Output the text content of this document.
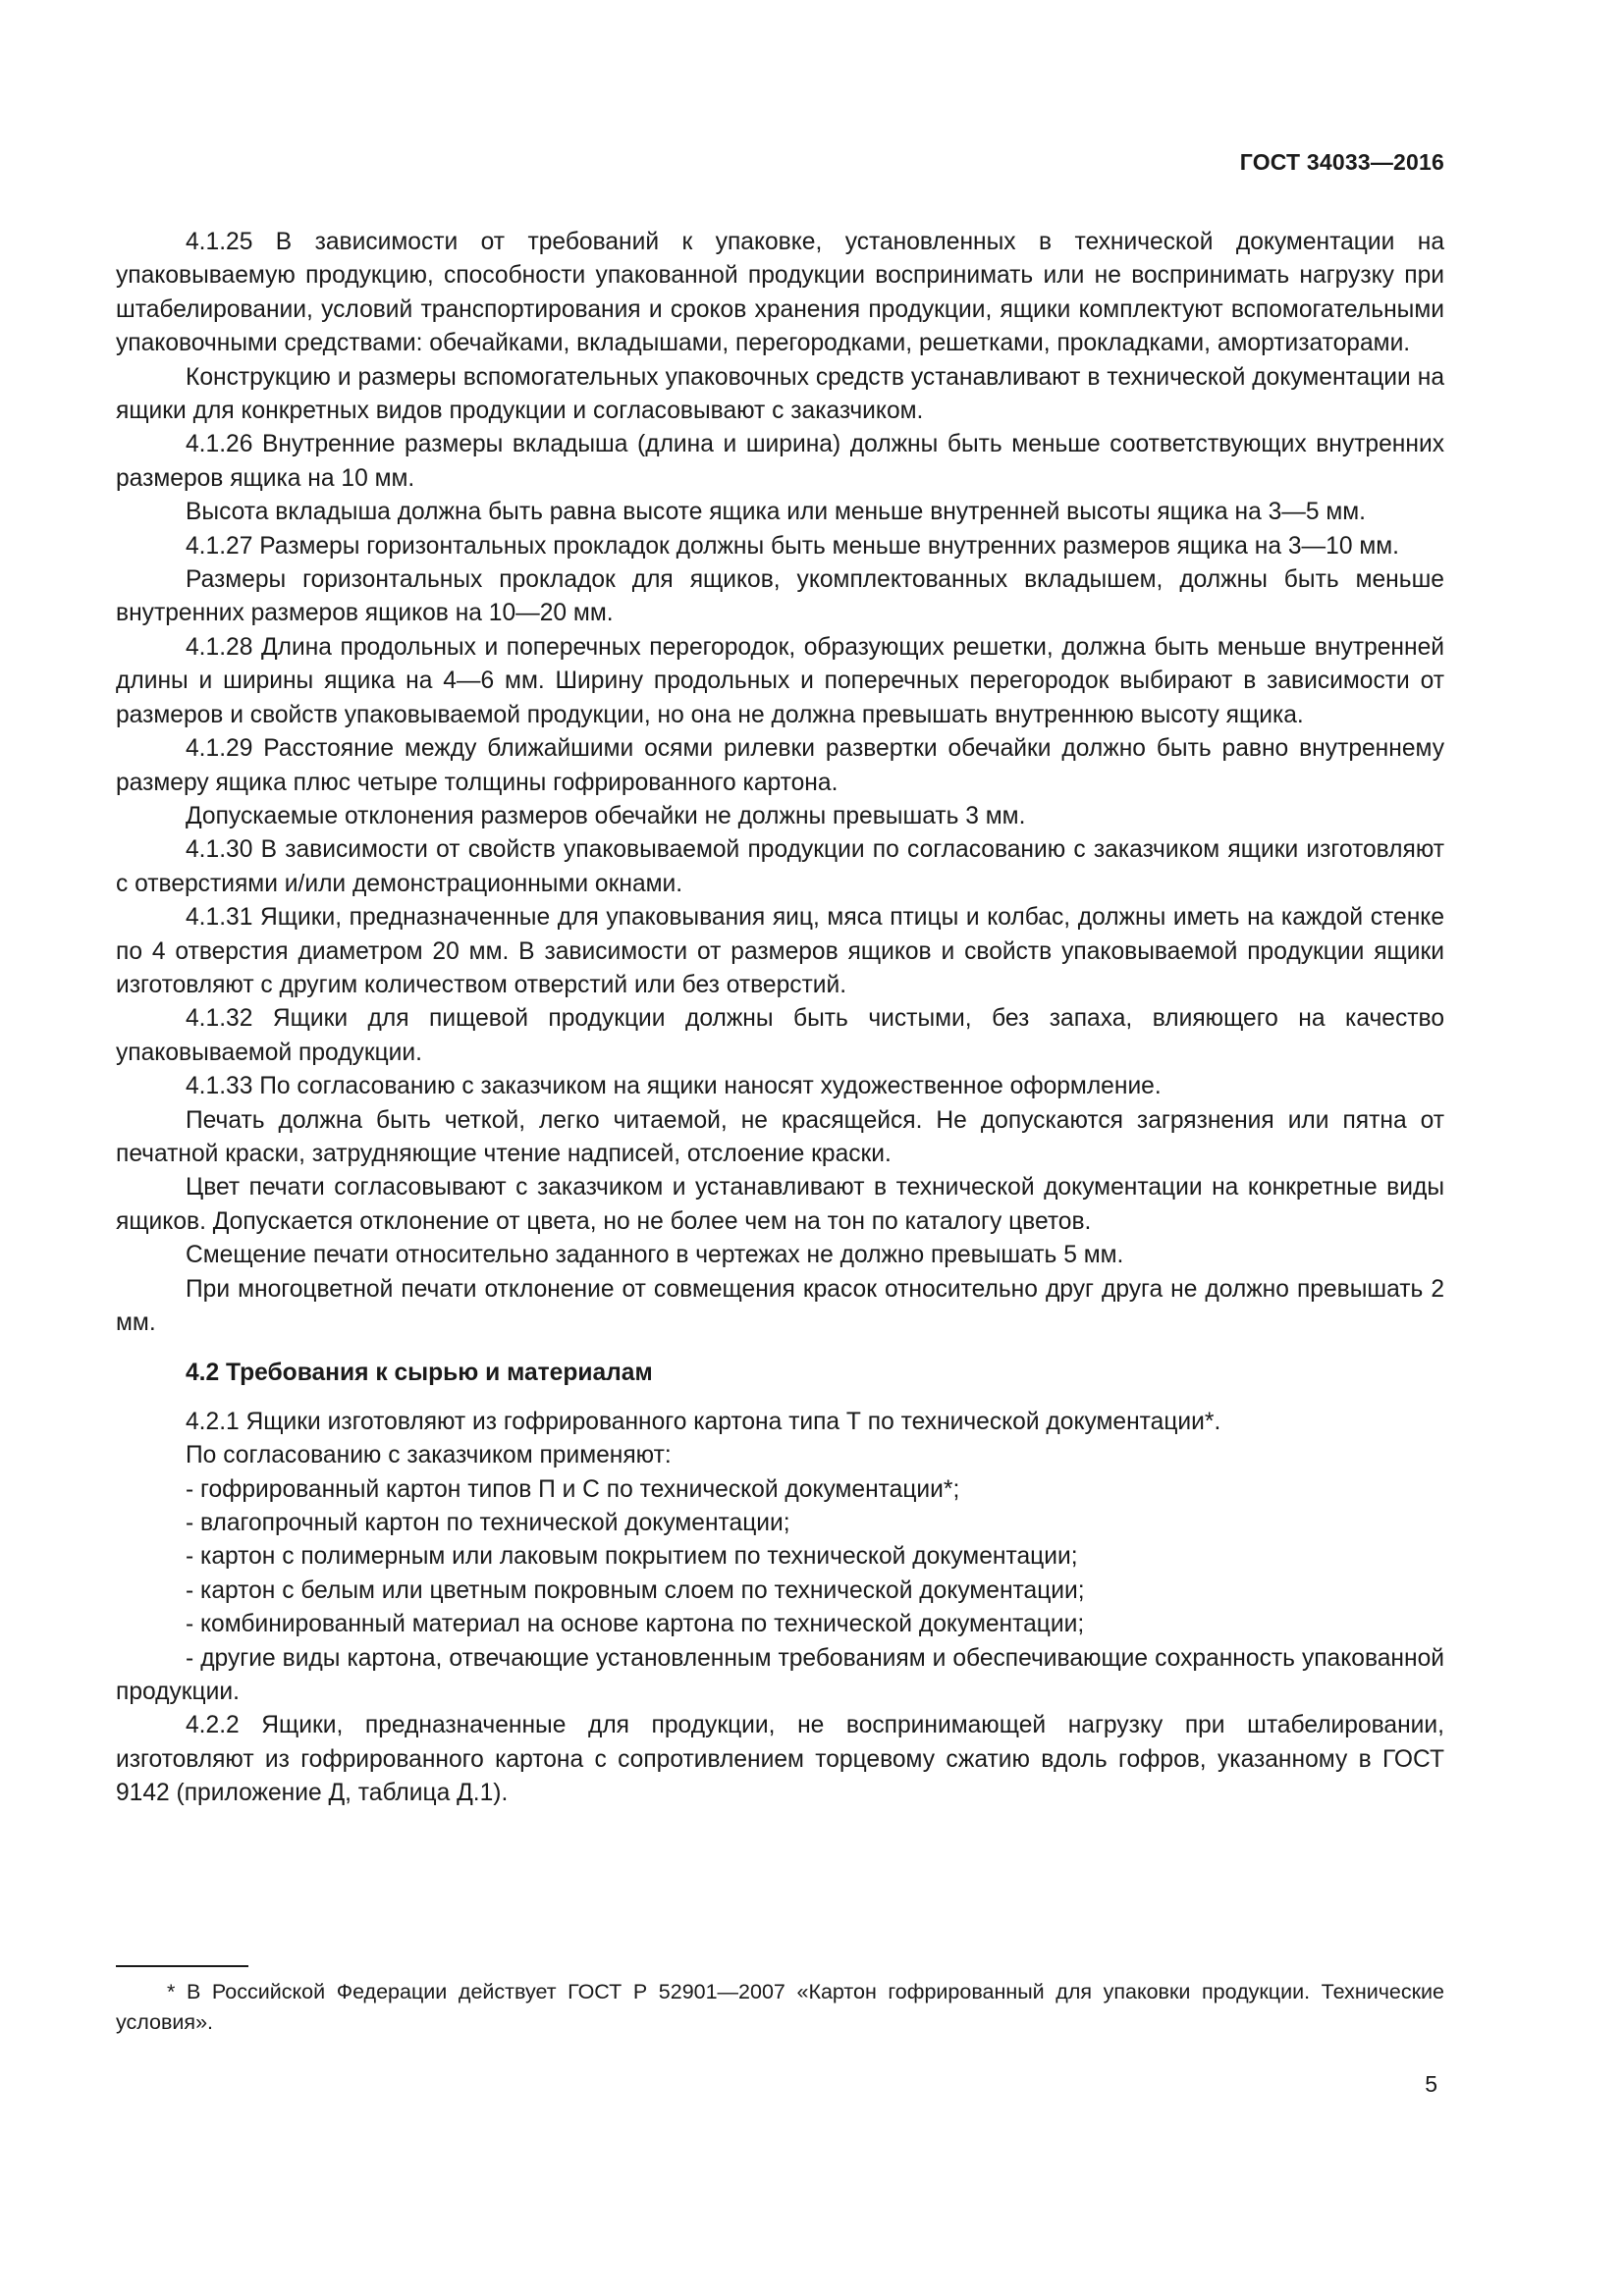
ГОСТ 34033—2016

4.1.25 В зависимости от требований к упаковке, установленных в технической документации на упаковываемую продукцию, способности упакованной продукции воспринимать или не воспринимать нагрузку при штабелировании, условий транспортирования и сроков хранения продукции, ящики комплектуют вспомогательными упаковочными средствами: обечайками, вкладышами, перегородками, решетками, прокладками, амортизаторами.

Конструкцию и размеры вспомогательных упаковочных средств устанавливают в технической документации на ящики для конкретных видов продукции и согласовывают с заказчиком.

4.1.26 Внутренние размеры вкладыша (длина и ширина) должны быть меньше соответствующих внутренних размеров ящика на 10 мм.

Высота вкладыша должна быть равна высоте ящика или меньше внутренней высоты ящика на 3—5 мм.

4.1.27 Размеры горизонтальных прокладок должны быть меньше внутренних размеров ящика на 3—10 мм.

Размеры горизонтальных прокладок для ящиков, укомплектованных вкладышем, должны быть меньше внутренних размеров ящиков на 10—20 мм.

4.1.28 Длина продольных и поперечных перегородок, образующих решетки, должна быть меньше внутренней длины и ширины ящика на 4—6 мм. Ширину продольных и поперечных перегородок выбирают в зависимости от размеров и свойств упаковываемой продукции, но она не должна превышать внутреннюю высоту ящика.

4.1.29 Расстояние между ближайшими осями рилевки развертки обечайки должно быть равно внутреннему размеру ящика плюс четыре толщины гофрированного картона.

Допускаемые отклонения размеров обечайки не должны превышать 3 мм.

4.1.30 В зависимости от свойств упаковываемой продукции по согласованию с заказчиком ящики изготовляют с отверстиями и/или демонстрационными окнами.

4.1.31 Ящики, предназначенные для упаковывания яиц, мяса птицы и колбас, должны иметь на каждой стенке по 4 отверстия диаметром 20 мм. В зависимости от размеров ящиков и свойств упаковываемой продукции ящики изготовляют с другим количеством отверстий или без отверстий.

4.1.32 Ящики для пищевой продукции должны быть чистыми, без запаха, влияющего на качество упаковываемой продукции.

4.1.33 По согласованию с заказчиком на ящики наносят художественное оформление.

Печать должна быть четкой, легко читаемой, не красящейся. Не допускаются загрязнения или пятна от печатной краски, затрудняющие чтение надписей, отслоение краски.

Цвет печати согласовывают с заказчиком и устанавливают в технической документации на конкретные виды ящиков. Допускается отклонение от цвета, но не более чем на тон по каталогу цветов.

Смещение печати относительно заданного в чертежах не должно превышать 5 мм.

При многоцветной печати отклонение от совмещения красок относительно друг друга не должно превышать 2 мм.

4.2 Требования к сырью и материалам

4.2.1 Ящики изготовляют из гофрированного картона типа Т по технической документации*.

По согласованию с заказчиком применяют:

- гофрированный картон типов П и С по технической документации*;

- влагопрочный картон по технической документации;

- картон с полимерным или лаковым покрытием по технической документации;

- картон с белым или цветным покровным слоем по технической документации;

- комбинированный материал на основе картона по технической документации;

- другие виды картона, отвечающие установленным требованиям и обеспечивающие сохранность упакованной продукции.

4.2.2 Ящики, предназначенные для продукции, не воспринимающей нагрузку при штабелировании, изготовляют из гофрированного картона с сопротивлением торцевому сжатию вдоль гофров, указанному в ГОСТ 9142 (приложение Д, таблица Д.1).

* В Российской Федерации действует ГОСТ Р 52901—2007 «Картон гофрированный для упаковки продукции. Технические условия».

5
